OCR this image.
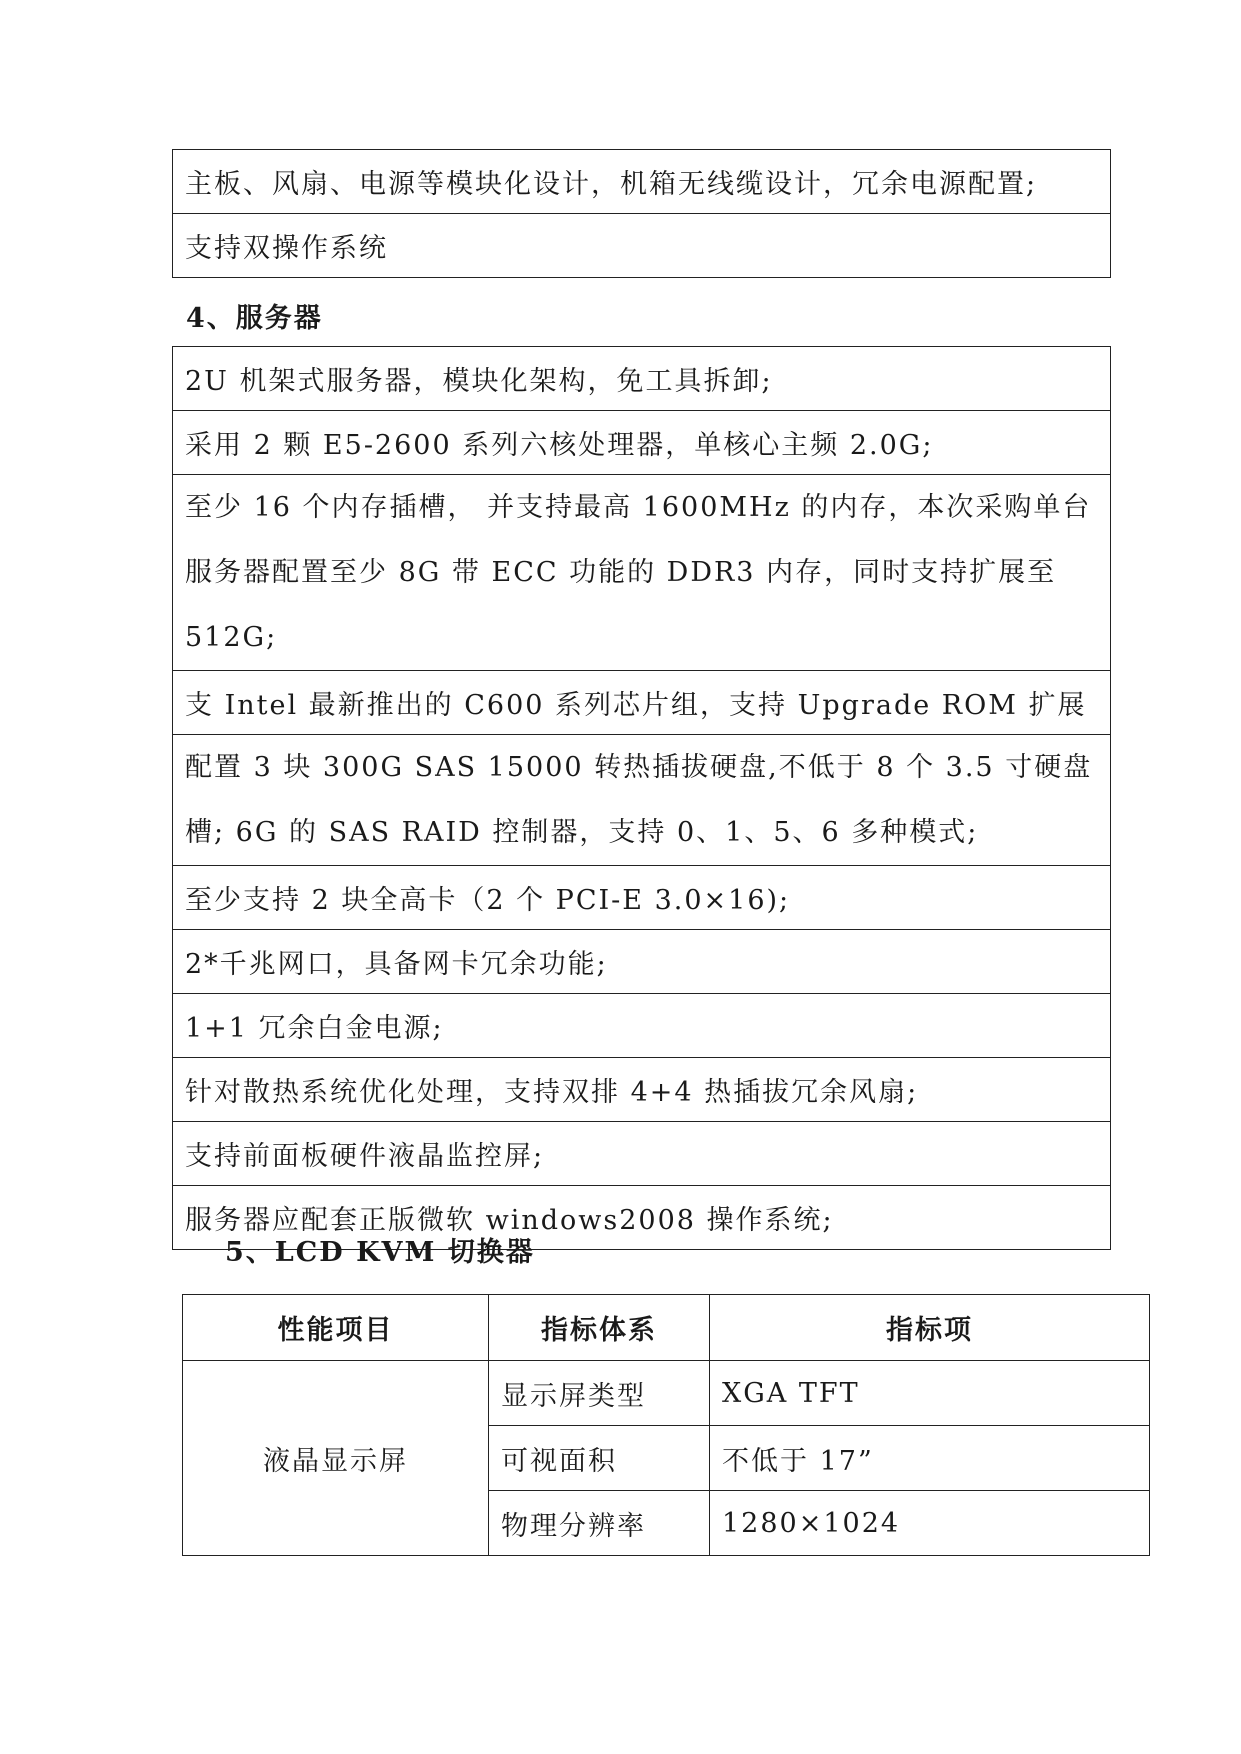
主板、风扇、电源等模块化设计，机箱无线缆设计，冗余电源配置;
支持双操作系统
4、服务器
2U 机架式服务器，模块化架构，免工具拆卸;
采用 2 颗 E5-2600 系列六核处理器，单核心主频 2.0G;
至少 16 个内存插槽， 并支持最高 1600MHz 的内存，本次采购单台服务器配置至少 8G 带 ECC 功能的 DDR3 内存，同时支持扩展至 512G;
支 Intel 最新推出的 C600 系列芯片组，支持 Upgrade ROM 扩展
配置 3 块 300G SAS 15000 转热插拔硬盘,不低于 8 个 3.5 寸硬盘槽; 6G 的 SAS RAID 控制器，支持 0、1、5、6 多种模式;
至少支持 2 块全高卡（2 个 PCI-E 3.0×16);
2*千兆网口，具备网卡冗余功能;
1+1 冗余白金电源;
针对散热系统优化处理，支持双排 4+4 热插拔冗余风扇;
支持前面板硬件液晶监控屏;
服务器应配套正版微软 windows2008 操作系统;
5、LCD KVM 切换器
性能项目	指标体系	指标项
液晶显示屏	显示屏类型	XGA TFT
	可视面积	不低于 17”
	物理分辨率	1280×1024
